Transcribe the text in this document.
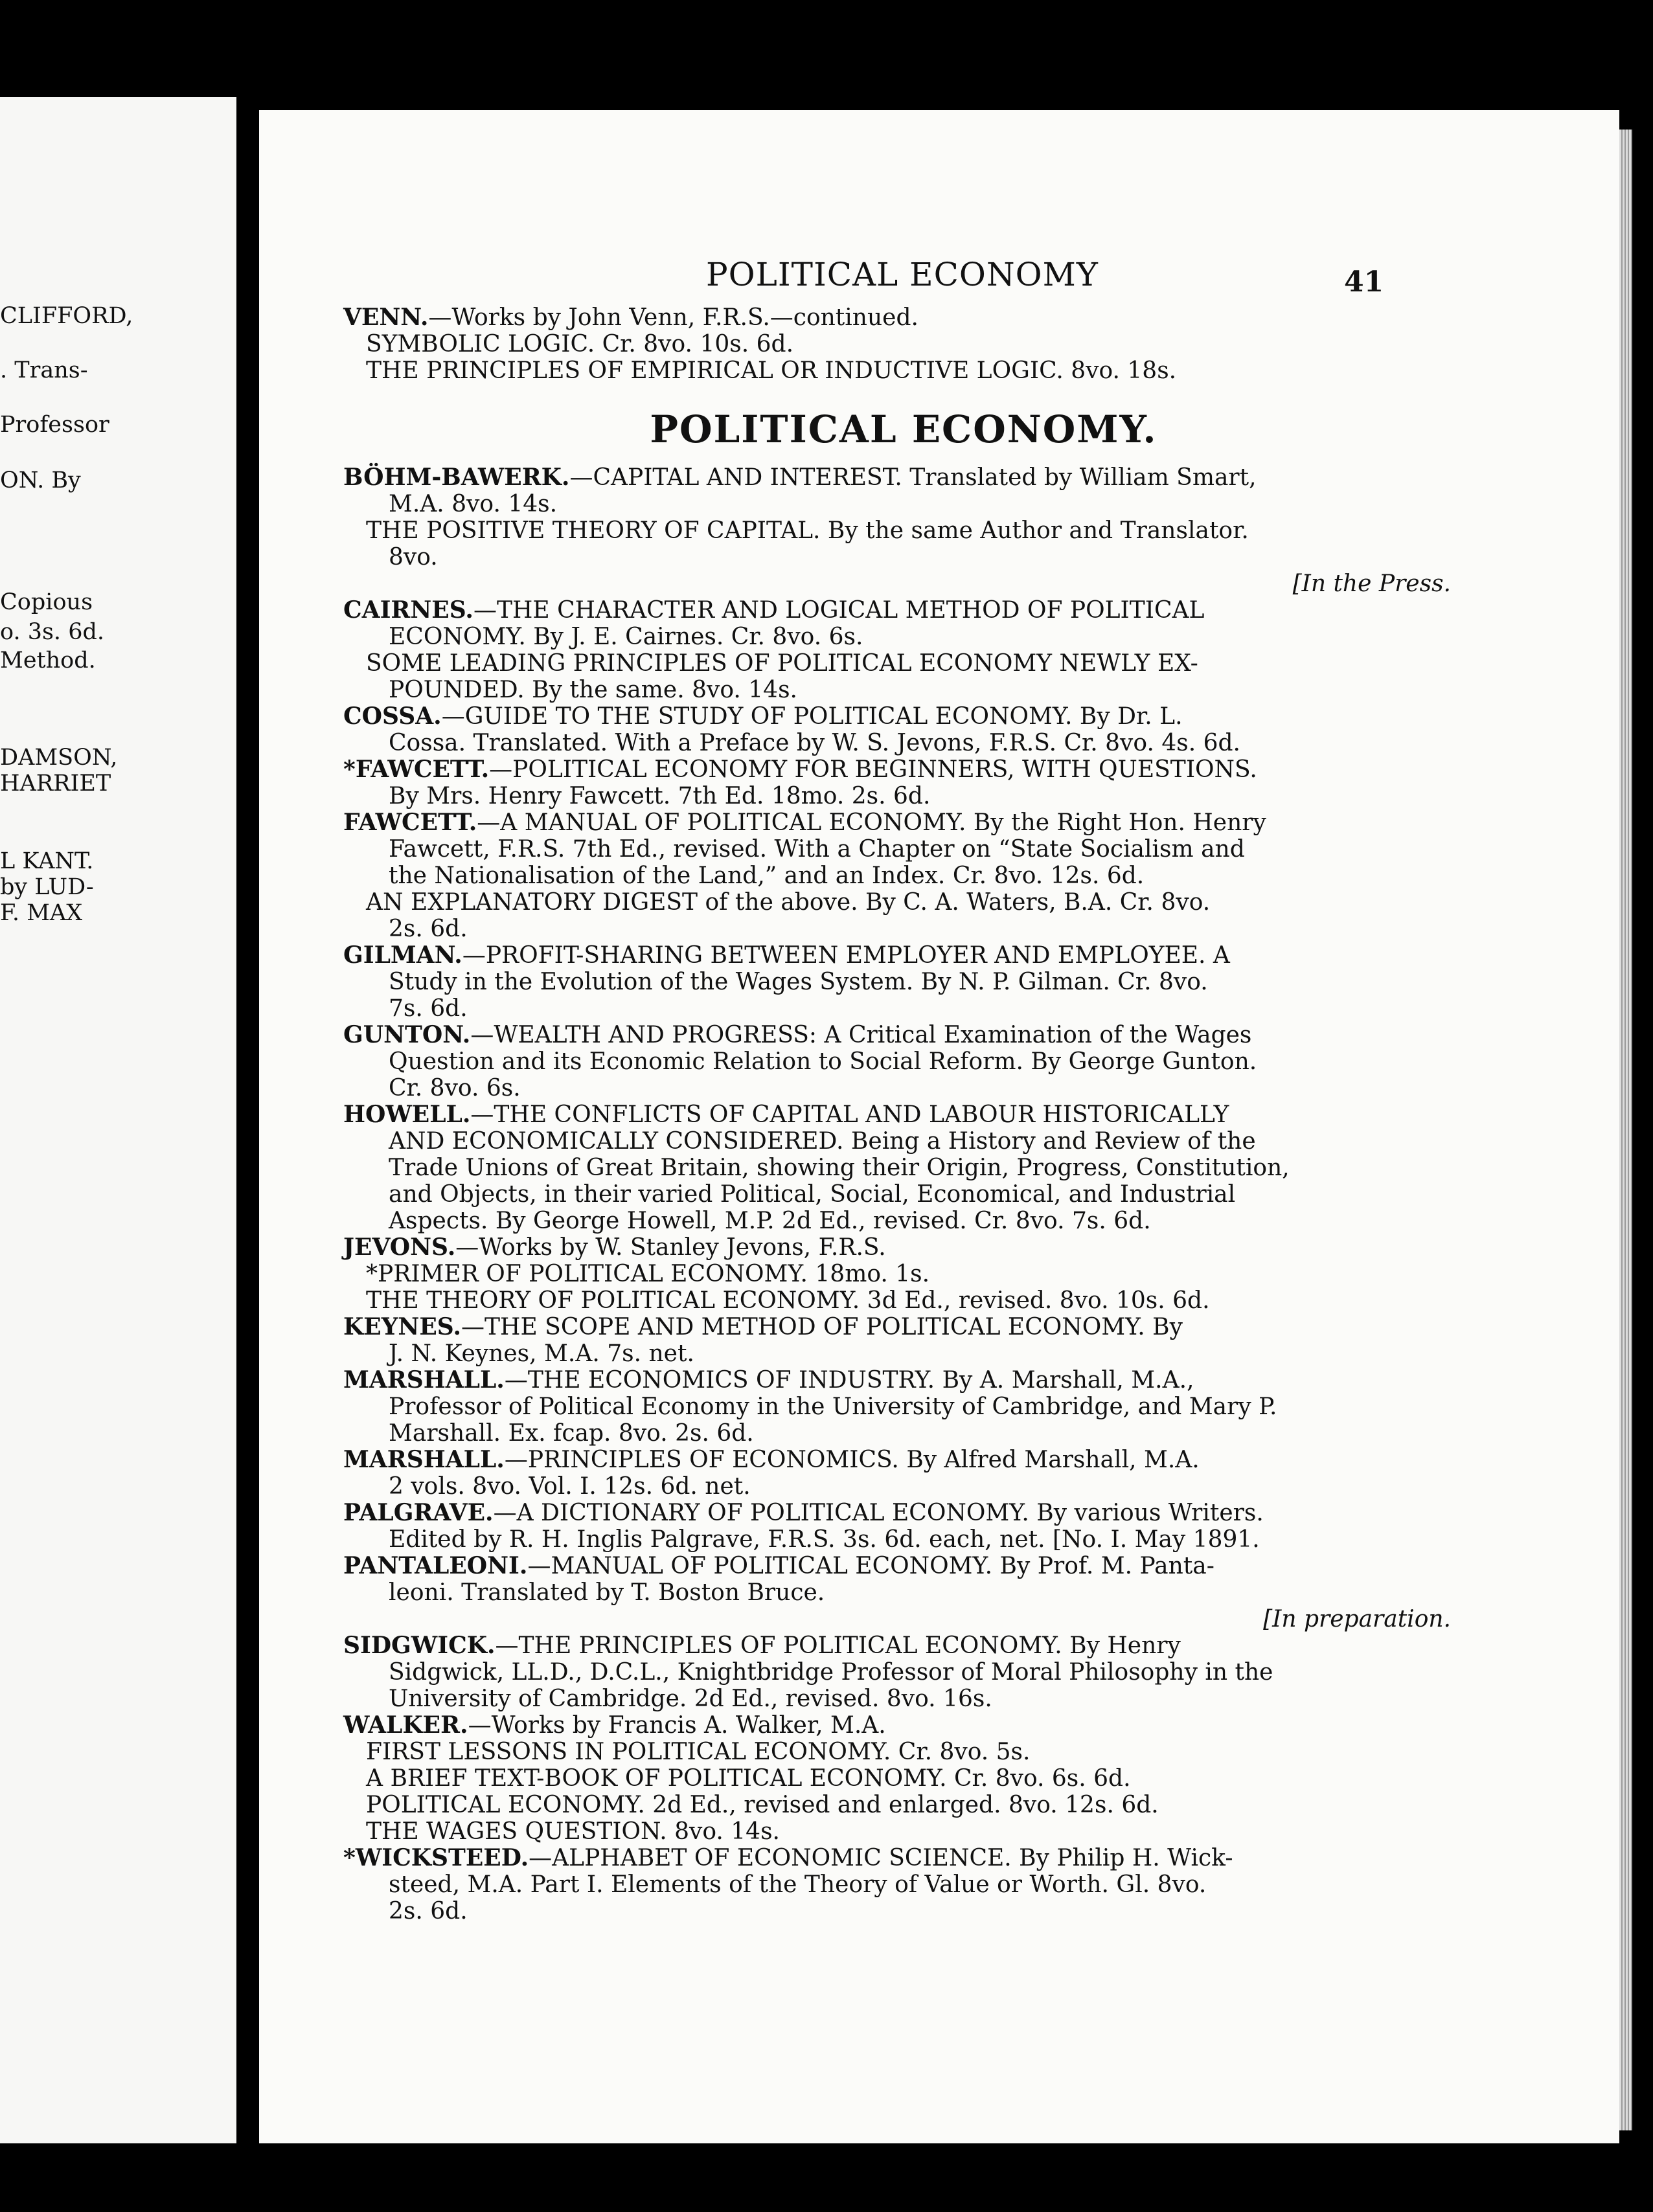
CLIFFORD,
. Trans-
Professor
ON. By
Copious
o. 3s. 6d.
Method.
DAMSON,
HARRIET
L KANT.
by LUD-
F. MAX
POLITICAL ECONOMY	41
VENN.—Works by John Venn, F.R.S.—continued.
SYMBOLIC LOGIC. Cr. 8vo. 10s. 6d.
THE PRINCIPLES OF EMPIRICAL OR INDUCTIVE LOGIC. 8vo. 18s.
POLITICAL ECONOMY.
BÖHM-BAWERK.—CAPITAL AND INTEREST. Translated by William Smart,
M.A. 8vo. 14s.
THE POSITIVE THEORY OF CAPITAL. By the same Author and Translator.
8vo.
[In the Press.
CAIRNES.—THE CHARACTER AND LOGICAL METHOD OF POLITICAL
ECONOMY. By J. E. Cairnes. Cr. 8vo. 6s.
SOME LEADING PRINCIPLES OF POLITICAL ECONOMY NEWLY EX-
POUNDED. By the same. 8vo. 14s.
COSSA.—GUIDE TO THE STUDY OF POLITICAL ECONOMY. By Dr. L.
Cossa. Translated. With a Preface by W. S. Jevons, F.R.S. Cr. 8vo. 4s. 6d.
*FAWCETT.—POLITICAL ECONOMY FOR BEGINNERS, WITH QUESTIONS.
By Mrs. Henry Fawcett. 7th Ed. 18mo. 2s. 6d.
FAWCETT.—A MANUAL OF POLITICAL ECONOMY. By the Right Hon. Henry
Fawcett, F.R.S. 7th Ed., revised. With a Chapter on “State Socialism and
the Nationalisation of the Land,” and an Index. Cr. 8vo. 12s. 6d.
AN EXPLANATORY DIGEST of the above. By C. A. Waters, B.A. Cr. 8vo.
2s. 6d.
GILMAN.—PROFIT-SHARING BETWEEN EMPLOYER AND EMPLOYEE. A
Study in the Evolution of the Wages System. By N. P. Gilman. Cr. 8vo.
7s. 6d.
GUNTON.—WEALTH AND PROGRESS: A Critical Examination of the Wages
Question and its Economic Relation to Social Reform. By George Gunton.
Cr. 8vo. 6s.
HOWELL.—THE CONFLICTS OF CAPITAL AND LABOUR HISTORICALLY
AND ECONOMICALLY CONSIDERED. Being a History and Review of the
Trade Unions of Great Britain, showing their Origin, Progress, Constitution,
and Objects, in their varied Political, Social, Economical, and Industrial
Aspects. By George Howell, M.P. 2d Ed., revised. Cr. 8vo. 7s. 6d.
JEVONS.—Works by W. Stanley Jevons, F.R.S.
*PRIMER OF POLITICAL ECONOMY. 18mo. 1s.
THE THEORY OF POLITICAL ECONOMY. 3d Ed., revised. 8vo. 10s. 6d.
KEYNES.—THE SCOPE AND METHOD OF POLITICAL ECONOMY. By
J. N. Keynes, M.A. 7s. net.
MARSHALL.—THE ECONOMICS OF INDUSTRY. By A. Marshall, M.A.,
Professor of Political Economy in the University of Cambridge, and Mary P.
Marshall. Ex. fcap. 8vo. 2s. 6d.
MARSHALL.—PRINCIPLES OF ECONOMICS. By Alfred Marshall, M.A.
2 vols. 8vo. Vol. I. 12s. 6d. net.
PALGRAVE.—A DICTIONARY OF POLITICAL ECONOMY. By various Writers.
Edited by R. H. Inglis Palgrave, F.R.S. 3s. 6d. each, net. [No. I. May 1891.
PANTALEONI.—MANUAL OF POLITICAL ECONOMY. By Prof. M. Panta-
leoni. Translated by T. Boston Bruce.
[In preparation.
SIDGWICK.—THE PRINCIPLES OF POLITICAL ECONOMY. By Henry
Sidgwick, LL.D., D.C.L., Knightbridge Professor of Moral Philosophy in the
University of Cambridge. 2d Ed., revised. 8vo. 16s.
WALKER.—Works by Francis A. Walker, M.A.
FIRST LESSONS IN POLITICAL ECONOMY. Cr. 8vo. 5s.
A BRIEF TEXT-BOOK OF POLITICAL ECONOMY. Cr. 8vo. 6s. 6d.
POLITICAL ECONOMY. 2d Ed., revised and enlarged. 8vo. 12s. 6d.
THE WAGES QUESTION. 8vo. 14s.
*WICKSTEED.—ALPHABET OF ECONOMIC SCIENCE. By Philip H. Wick-
steed, M.A. Part I. Elements of the Theory of Value or Worth. Gl. 8vo.
2s. 6d.
